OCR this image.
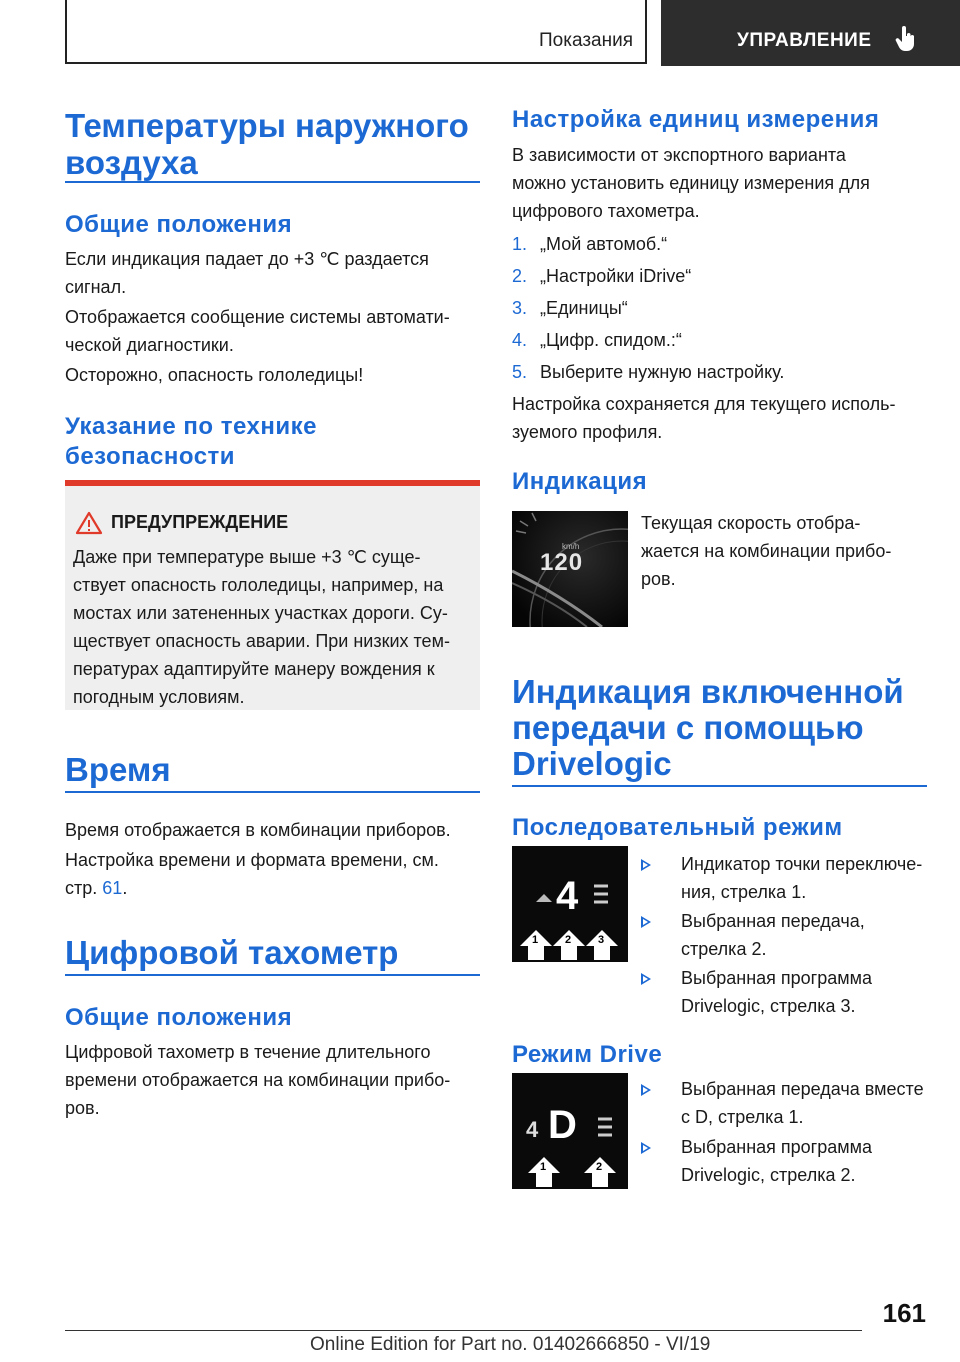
Показания	УПРАВЛЕНИЕ
Температуры наружного
воздуха
Общие положения

Если индикация падает до +3 ℃ раздается

сигнал.

Отображается сообщение системы автомати-

ческой диагностики.

Осторожно, опасность гололедицы!

Указание по технике
безопасности
ПРЕДУПРЕЖДЕНИЕ
Даже при температуре выше +3 ℃ суще-
ствует опасность гололедицы, например, на
мостах или затененных участках дороги. Су-
ществует опасность аварии. При низких тем-
пературах адаптируйте манеру вождения к
погодным условиям.
Время

Время отображается в комбинации приборов.

Настройка времени и формата времени, см.

стр. 61.

Цифровой тахометр
Общие положения

Цифровой тахометр в течение длительного

времени отображается на комбинации прибо-

ров.

Настройка единиц измерения

В зависимости от экспортного варианта

можно установить единицу измерения для

цифрового тахометра.

1. „Мой автомоб.“
2. „Настройки iDrive“
3. „Единицы“
4. „Цифр. спидом.:“
5. Выберите нужную настройку.

Настройка сохраняется для текущего исполь-

зуемого профиля.

Индикация
km/h
120

Текущая скорость отобра-

жается на комбинации прибо-

ров.

Индикация включенной
передачи с помощью
Drivelogic
Последовательный режим
4
1 2 3
Индикатор точки переключе-
ния, стрелка 1.
Выбранная передача,
стрелка 2.
Выбранная программа
Drivelogic, стрелка 3.
Режим Drive
4 D
1	2
Выбранная передача вместе
с D, стрелка 1.
Выбранная программа
Drivelogic, стрелка 2.
161
Online Edition for Part no. 01402666850 - VI/19
